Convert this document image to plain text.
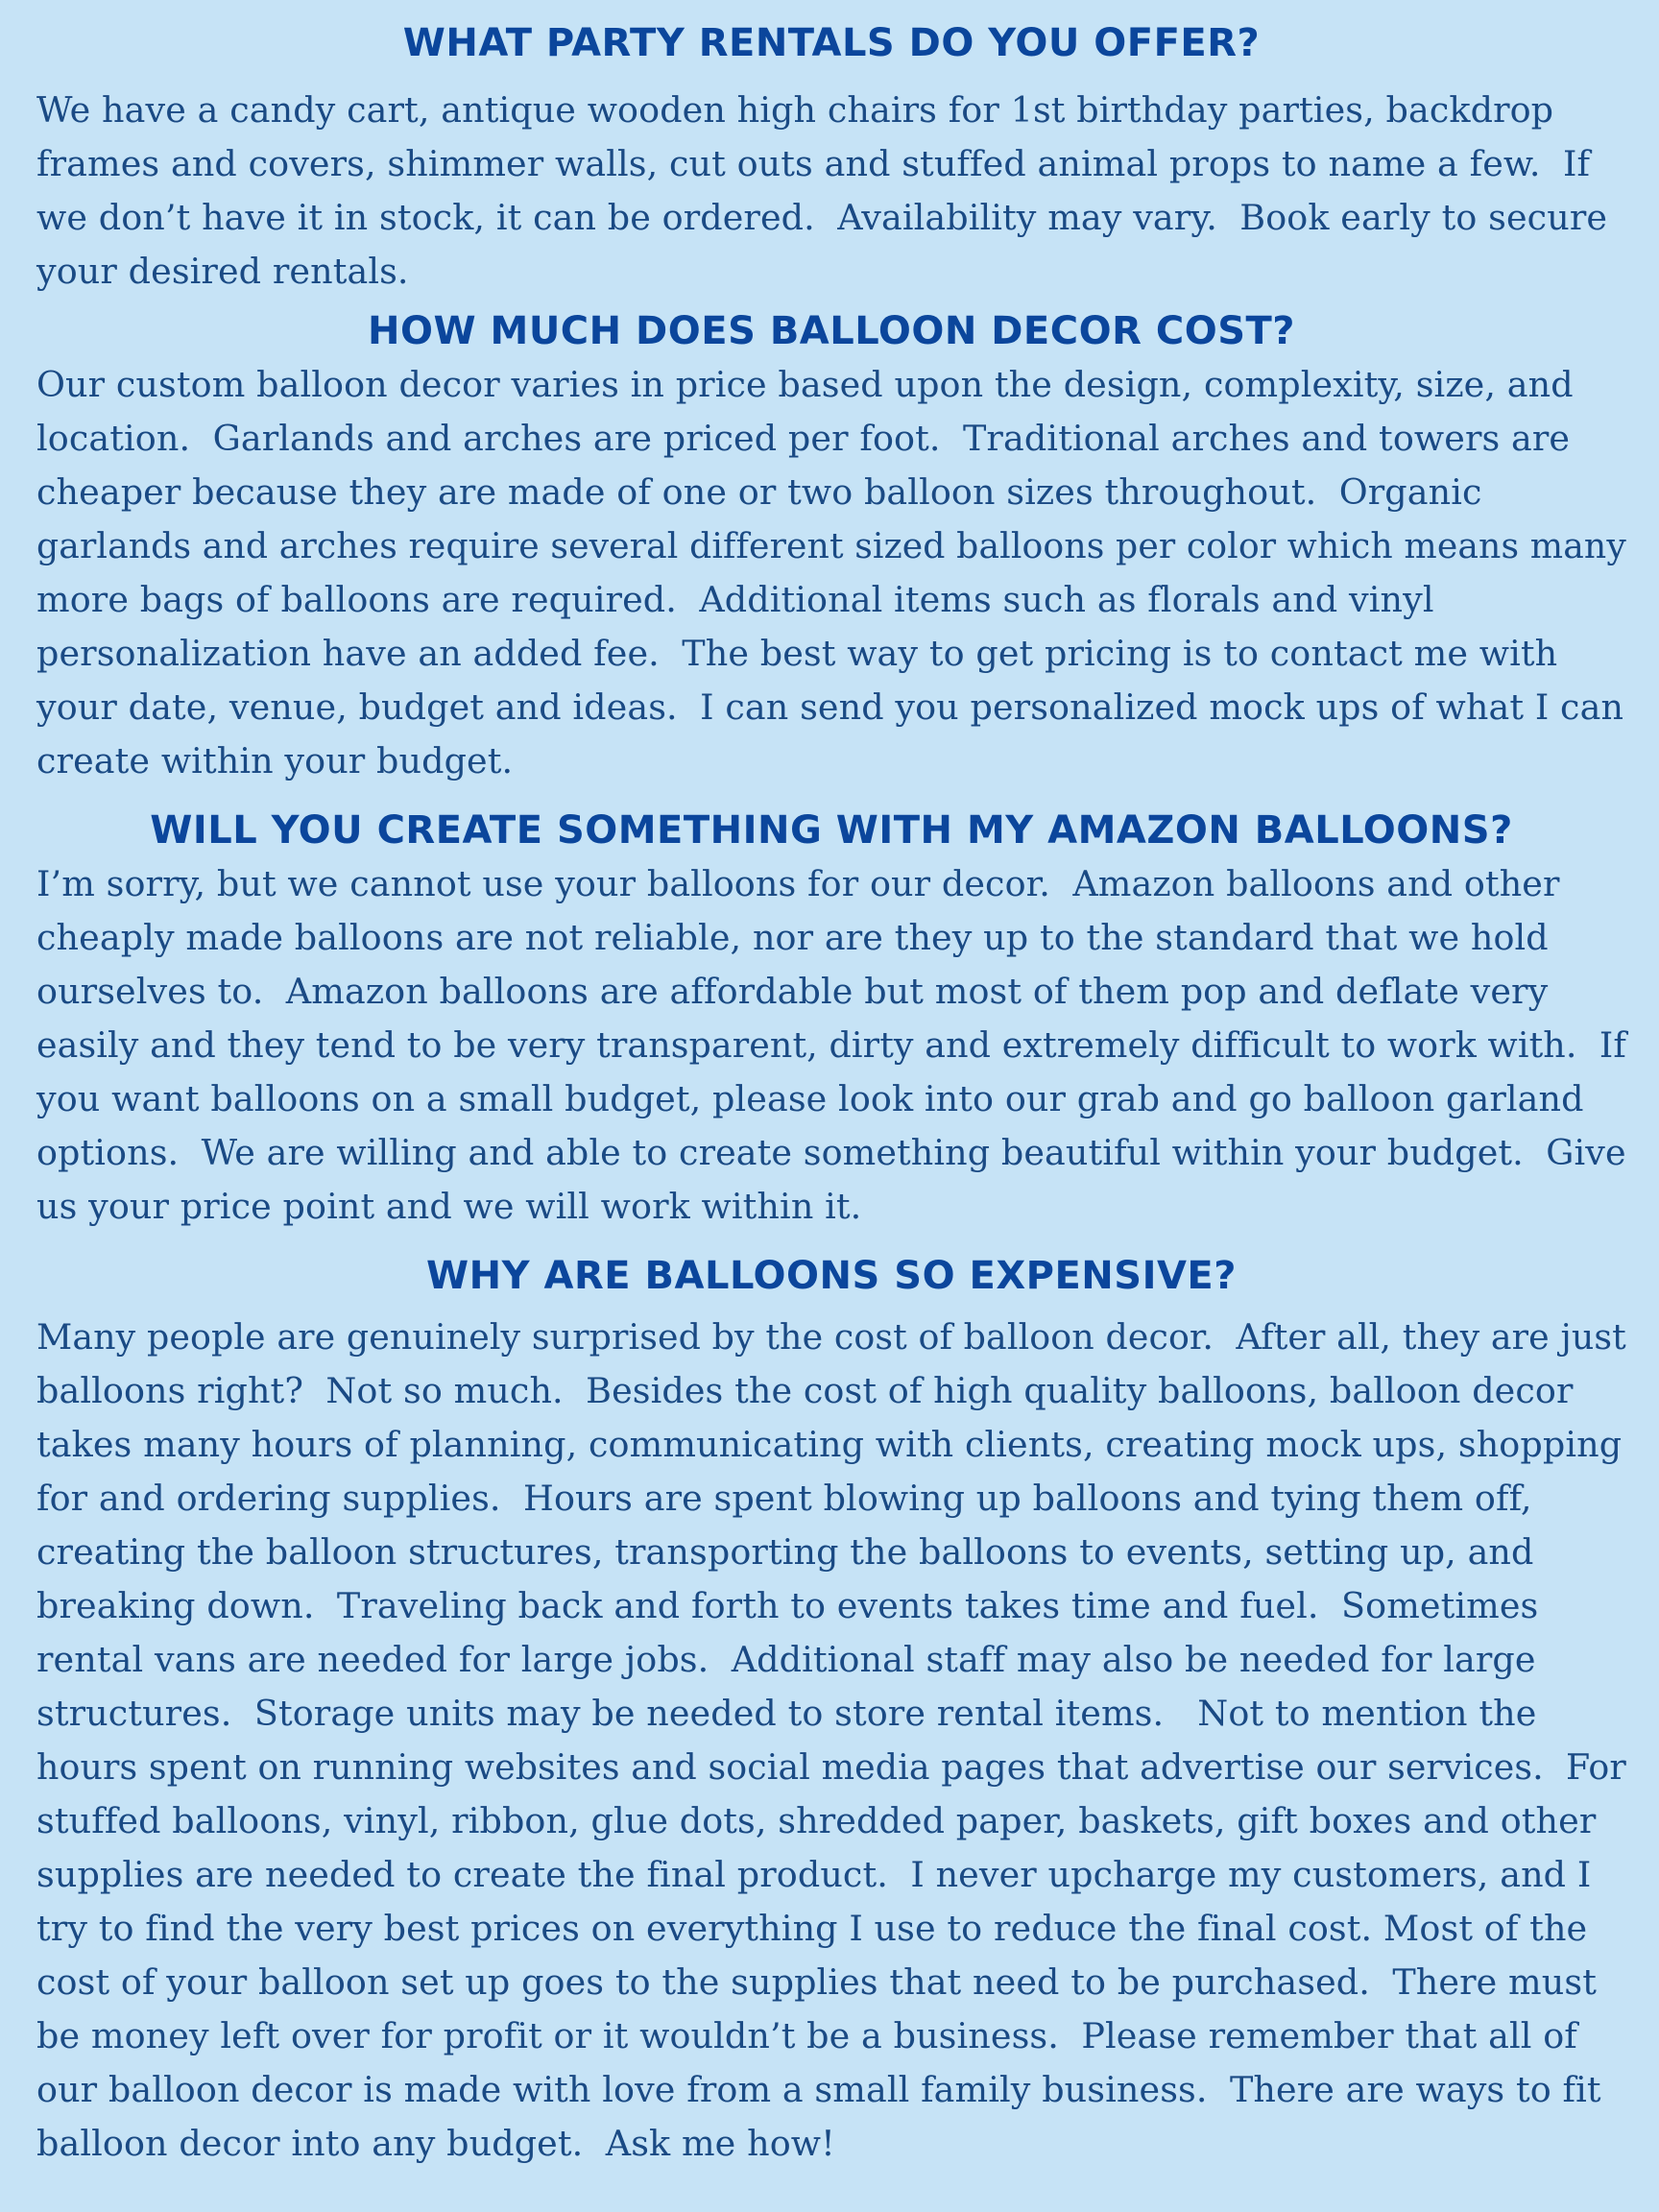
WHAT PARTY RENTALS DO YOU OFFER?

We have a candy cart, antique wooden high chairs for 1st birthday parties, backdrop
frames and covers, shimmer walls, cut outs and stuffed animal props to name a few.  If
we don’t have it in stock, it can be ordered.  Availability may vary.  Book early to secure
your desired rentals.

HOW MUCH DOES BALLOON DECOR COST?

Our custom balloon decor varies in price based upon the design, complexity, size, and
location.  Garlands and arches are priced per foot.  Traditional arches and towers are
cheaper because they are made of one or two balloon sizes throughout.  Organic
garlands and arches require several different sized balloons per color which means many
more bags of balloons are required.  Additional items such as florals and vinyl
personalization have an added fee.  The best way to get pricing is to contact me with
your date, venue, budget and ideas.  I can send you personalized mock ups of what I can
create within your budget.

WILL YOU CREATE SOMETHING WITH MY AMAZON BALLOONS?

I’m sorry, but we cannot use your balloons for our decor.  Amazon balloons and other
cheaply made balloons are not reliable, nor are they up to the standard that we hold
ourselves to.  Amazon balloons are affordable but most of them pop and deflate very
easily and they tend to be very transparent, dirty and extremely difficult to work with.  If
you want balloons on a small budget, please look into our grab and go balloon garland
options.  We are willing and able to create something beautiful within your budget.  Give
us your price point and we will work within it.

WHY ARE BALLOONS SO EXPENSIVE?

Many people are genuinely surprised by the cost of balloon decor.  After all, they are just
balloons right?  Not so much.  Besides the cost of high quality balloons, balloon decor
takes many hours of planning, communicating with clients, creating mock ups, shopping
for and ordering supplies.  Hours are spent blowing up balloons and tying them off,
creating the balloon structures, transporting the balloons to events, setting up, and
breaking down.  Traveling back and forth to events takes time and fuel.  Sometimes
rental vans are needed for large jobs.  Additional staff may also be needed for large
structures.  Storage units may be needed to store rental items.   Not to mention the
hours spent on running websites and social media pages that advertise our services.  For
stuffed balloons, vinyl, ribbon, glue dots, shredded paper, baskets, gift boxes and other
supplies are needed to create the final product.  I never upcharge my customers, and I
try to find the very best prices on everything I use to reduce the final cost. Most of the
cost of your balloon set up goes to the supplies that need to be purchased.  There must
be money left over for profit or it wouldn’t be a business.  Please remember that all of
our balloon decor is made with love from a small family business.  There are ways to fit
balloon decor into any budget.  Ask me how!
